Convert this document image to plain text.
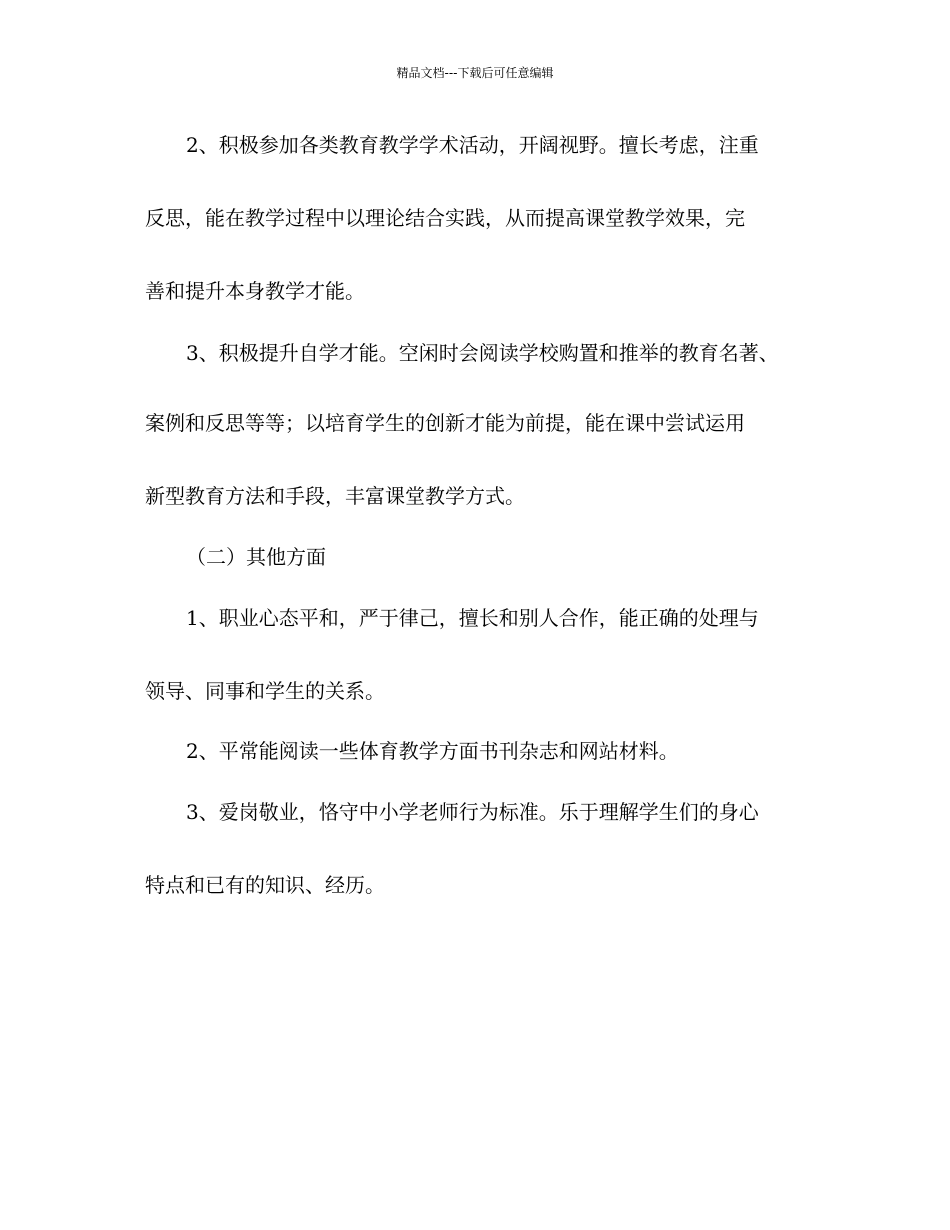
精品文档---下载后可任意编辑
2、积极参加各类教育教学学术活动，开阔视野。擅长考虑，注重
反思，能在教学过程中以理论结合实践，从而提高课堂教学效果，完
善和提升本身教学才能。
3、积极提升自学才能。空闲时会阅读学校购置和推举的教育名著、
案例和反思等等；以培育学生的创新才能为前提，能在课中尝试运用
新型教育方法和手段，丰富课堂教学方式。
（二）其他方面
1、职业心态平和，严于律己，擅长和别人合作，能正确的处理与
领导、同事和学生的关系。
2、平常能阅读一些体育教学方面书刊杂志和网站材料。
3、爱岗敬业，恪守中小学老师行为标准。乐于理解学生们的身心
特点和已有的知识、经历。
